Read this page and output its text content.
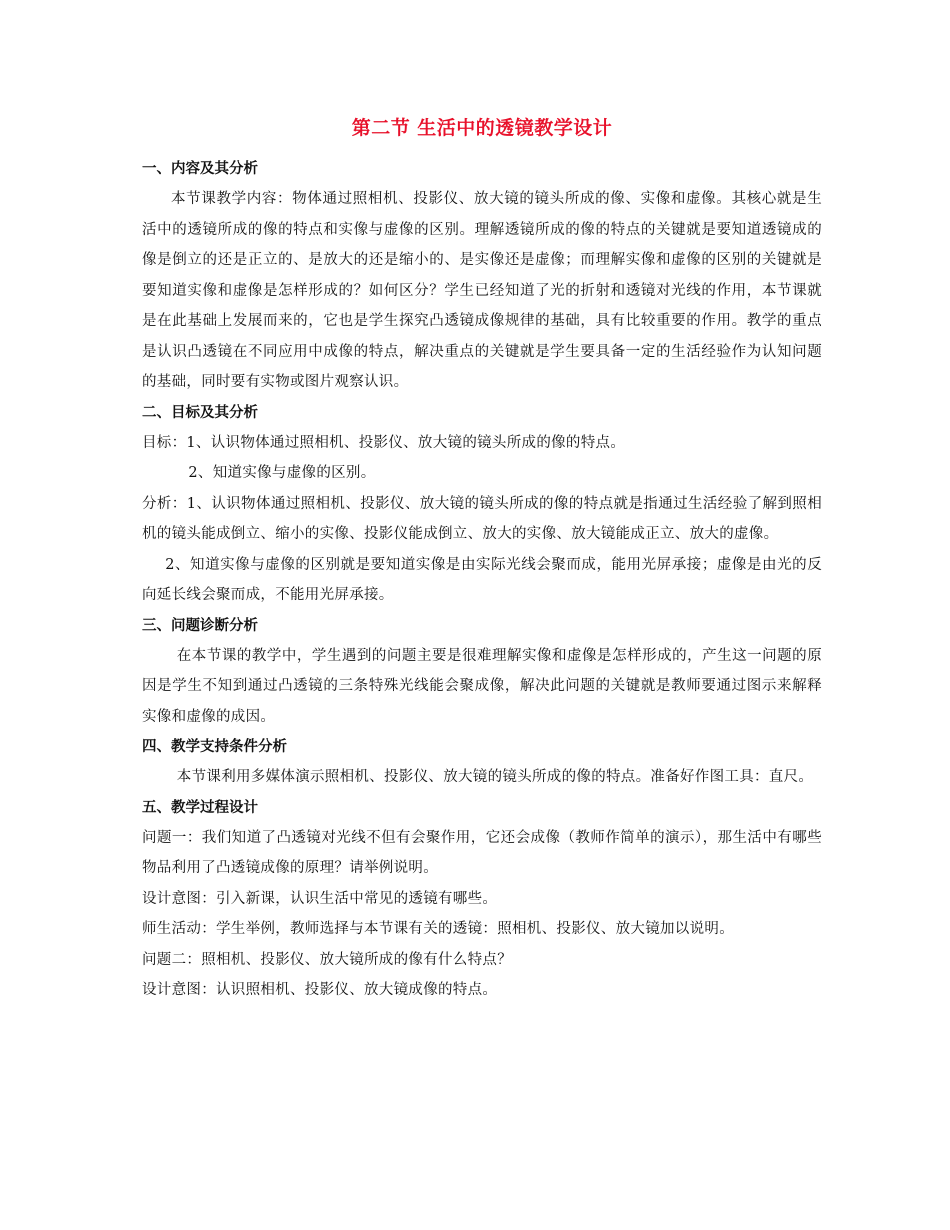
第二节 生活中的透镜教学设计
一、内容及其分析

本节课教学内容：物体通过照相机、投影仪、放大镜的镜头所成的像、实像和虚像。其核心就是生活中的透镜所成的像的特点和实像与虚像的区别。理解透镜所成的像的特点的关键就是要知道透镜成的像是倒立的还是正立的、是放大的还是缩小的、是实像还是虚像；而理解实像和虚像的区别的关键就是要知道实像和虚像是怎样形成的？如何区分？学生已经知道了光的折射和透镜对光线的作用，本节课就是在此基础上发展而来的，它也是学生探究凸透镜成像规律的基础，具有比较重要的作用。教学的重点是认识凸透镜在不同应用中成像的特点，解决重点的关键就是学生要具备一定的生活经验作为认知问题的基础，同时要有实物或图片观察认识。

二、目标及其分析

目标：1、认识物体通过照相机、投影仪、放大镜的镜头所成的像的特点。

2、知道实像与虚像的区别。

分析：1、认识物体通过照相机、投影仪、放大镜的镜头所成的像的特点就是指通过生活经验了解到照相机的镜头能成倒立、缩小的实像、投影仪能成倒立、放大的实像、放大镜能成正立、放大的虚像。

2、知道实像与虚像的区别就是要知道实像是由实际光线会聚而成，能用光屏承接；虚像是由光的反向延长线会聚而成，不能用光屏承接。

三、问题诊断分析

在本节课的教学中，学生遇到的问题主要是很难理解实像和虚像是怎样形成的，产生这一问题的原因是学生不知到通过凸透镜的三条特殊光线能会聚成像，解决此问题的关键就是教师要通过图示来解释实像和虚像的成因。

四、教学支持条件分析

本节课利用多媒体演示照相机、投影仪、放大镜的镜头所成的像的特点。准备好作图工具：直尺。

五、教学过程设计

问题一：我们知道了凸透镜对光线不但有会聚作用，它还会成像（教师作简单的演示），那生活中有哪些物品利用了凸透镜成像的原理？请举例说明。

设计意图：引入新课，认识生活中常见的透镜有哪些。

师生活动：学生举例，教师选择与本节课有关的透镜：照相机、投影仪、放大镜加以说明。

问题二：照相机、投影仪、放大镜所成的像有什么特点？

设计意图：认识照相机、投影仪、放大镜成像的特点。
